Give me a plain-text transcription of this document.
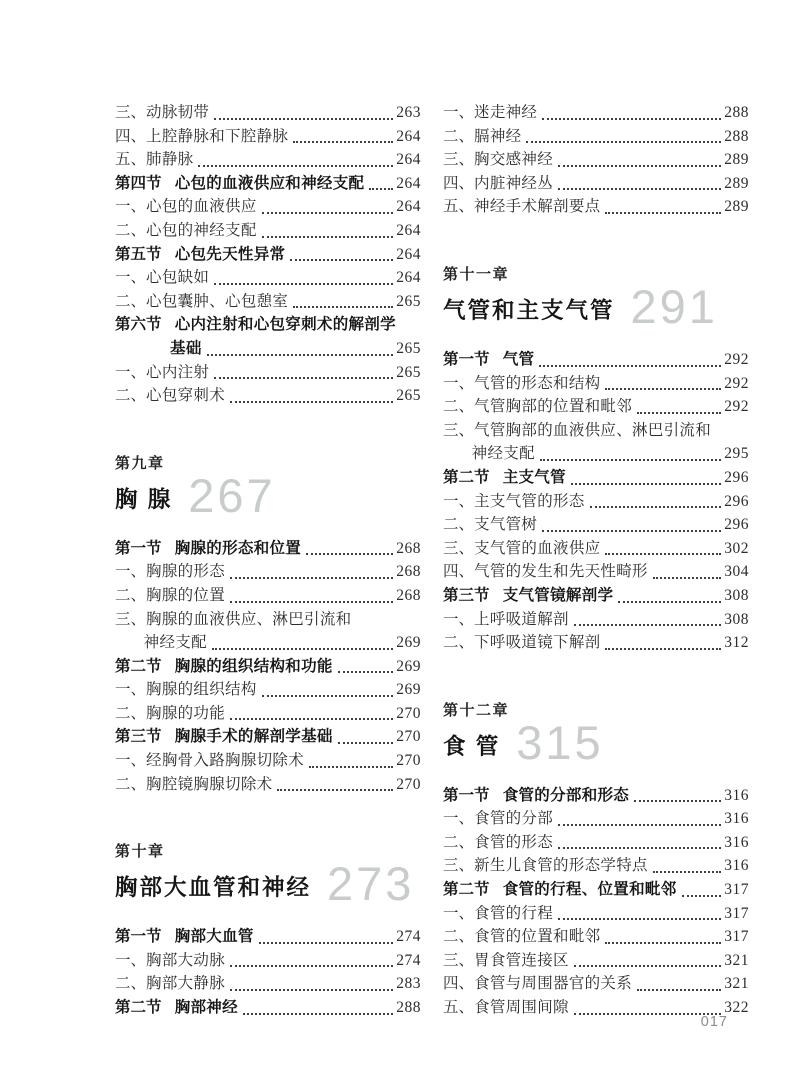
三、 动脉韧带	263
四、 上腔静脉和下腔静脉	264
五、 肺静脉	264
第四节 心包的血液供应和神经支配 264
一、 心包的血液供应	264
二、 心包的神经支配	264
第五节 心包先天性异常	264
一、 心包缺如	264
二、 心包囊肿、心包憩室	265
第六节 心内注射和心包穿刺术的解剖学
基础	265
一、 心内注射	265
二、 心包穿刺术	265
第九章
胸 腺 267
第一节 胸腺的形态和位置	268
一、 胸腺的形态	268
二、 胸腺的位置	268
三、 胸腺的血液供应、淋巴引流和
神经支配	269
第二节 胸腺的组织结构和功能	269
一、 胸腺的组织结构	269
二、 胸腺的功能	270
第三节 胸腺手术的解剖学基础	270
一、 经胸骨入路胸腺切除术	270
二、 胸腔镜胸腺切除术	270
第十章
胸部大血管和神经 273
第一节 胸部大血管	274
一、 胸部大动脉	274
二、 胸部大静脉	283
第二节 胸部神经	288
一、 迷走神经	288
二、 膈神经	288
三、 胸交感神经	289
四、 内脏神经丛	289
五、 神经手术解剖要点	289
第十一章
气管和主支气管 291
第一节 气管	292
一、 气管的形态和结构	292
二、 气管胸部的位置和毗邻	292
三、 气管胸部的血液供应、淋巴引流和
神经支配	295
第二节 主支气管	296
一、 主支气管的形态	296
二、 支气管树	296
三、 支气管的血液供应	302
四、 气管的发生和先天性畸形	304
第三节 支气管镜解剖学	308
一、 上呼吸道解剖	308
二、 下呼吸道镜下解剖	312
第十二章
食 管 315
第一节 食管的分部和形态	316
一、 食管的分部	316
二、 食管的形态	316
三、 新生儿食管的形态学特点	316
第二节 食管的行程、位置和毗邻	317
一、 食管的行程	317
二、 食管的位置和毗邻	317
三、 胃食管连接区	321
四、 食管与周围器官的关系	321
五、 食管周围间隙	322
017
